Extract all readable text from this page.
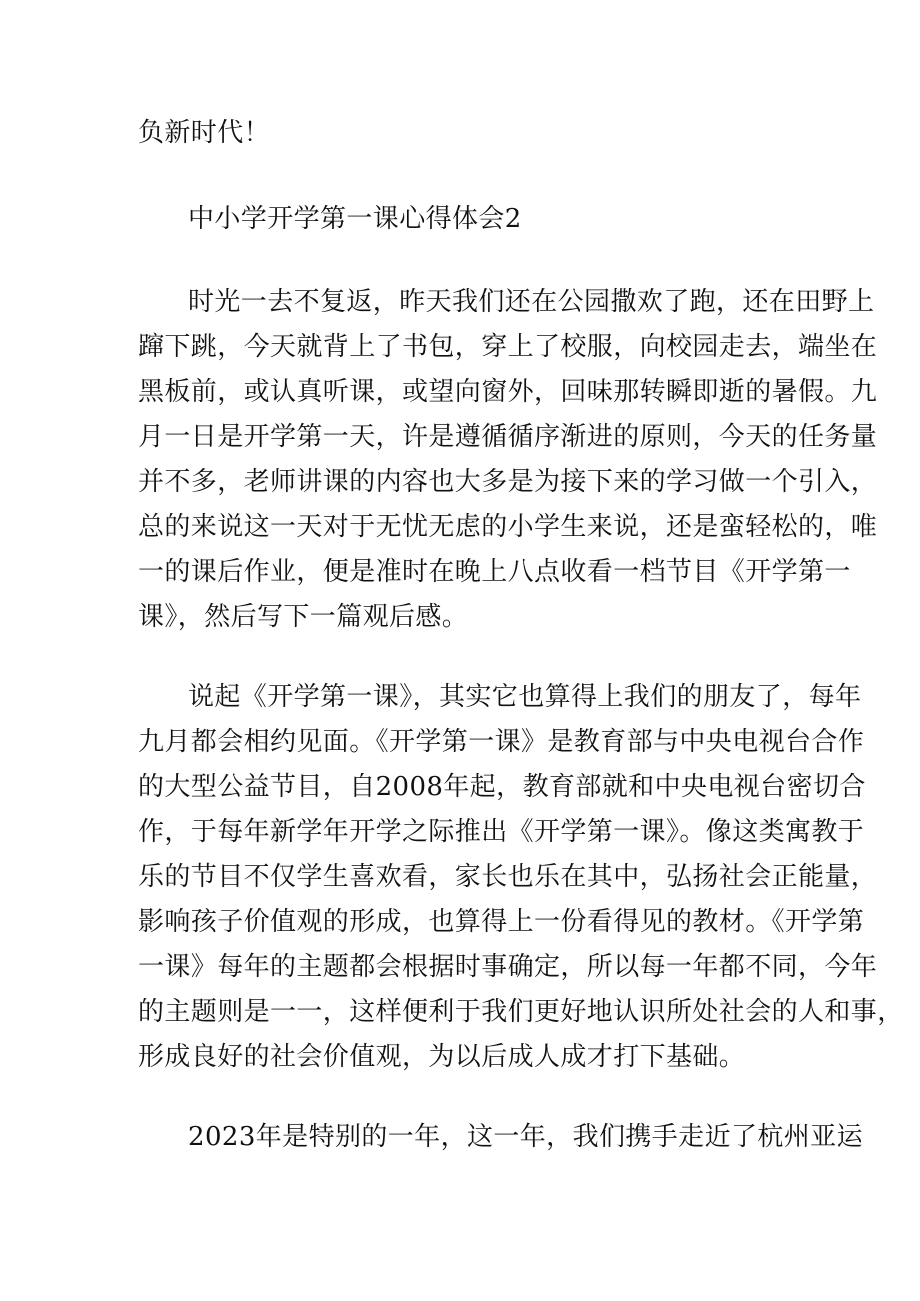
负新时代！
中小学开学第一课心得体会2
时光一去不复返，昨天我们还在公园撒欢了跑，还在田野上
蹿下跳，今天就背上了书包，穿上了校服，向校园走去，端坐在
黑板前，或认真听课，或望向窗外，回味那转瞬即逝的暑假。九
月一日是开学第一天，许是遵循循序渐进的原则，今天的任务量
并不多，老师讲课的内容也大多是为接下来的学习做一个引入，
总的来说这一天对于无忧无虑的小学生来说，还是蛮轻松的，唯
一的课后作业，便是准时在晚上八点收看一档节目《开学第一
课》，然后写下一篇观后感。
说起《开学第一课》，其实它也算得上我们的朋友了，每年
九月都会相约见面。《开学第一课》是教育部与中央电视台合作
的大型公益节目，自2008年起，教育部就和中央电视台密切合
作，于每年新学年开学之际推出《开学第一课》。像这类寓教于
乐的节目不仅学生喜欢看，家长也乐在其中，弘扬社会正能量，
影响孩子价值观的形成，也算得上一份看得见的教材。《开学第
一课》每年的主题都会根据时事确定，所以每一年都不同，今年
的主题则是一一，这样便利于我们更好地认识所处社会的人和事，
形成良好的社会价值观，为以后成人成才打下基础。
2023年是特别的一年，这一年，我们携手走近了杭州亚运
